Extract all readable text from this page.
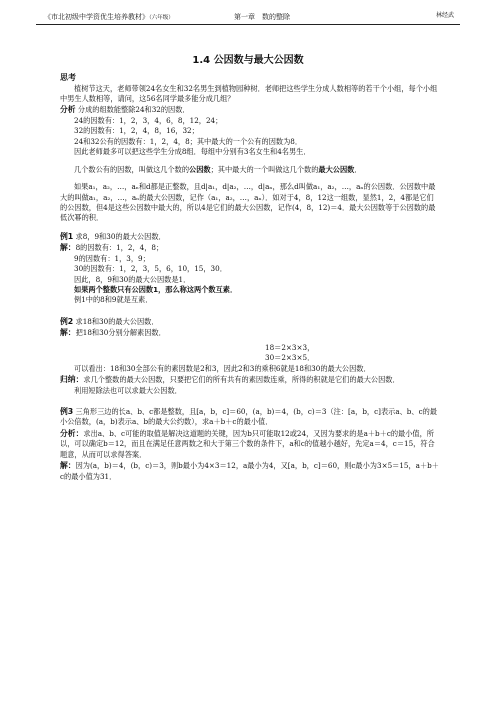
《市北初级中学资优生培养教材》（六年级）	第一章　数的整除	林经武
1.4 公因数与最大公因数
思考

植树节这天，老师带领24名女生和32名男生到植物园种树．老师把这些学生分成人数相等的若干个小组，每个小组中男生人数相等，请问，这56名同学最多能分成几组？

分析 分成的组数能整除24和32的因数．

24的因数有：1，2，3，4，6，8，12，24；

32的因数有：1，2，4，8，16，32；

24和32公有的因数有：1，2，4，8；其中最大的一个公有的因数为8．

因此老师最多可以把这些学生分成8组．每组中分别有3名女生和4名男生．

几个数公有的因数，叫做这几个数的公因数；其中最大的一个叫做这几个数的最大公因数．

如果a₁，a₂，…，aₙ和d都是正整数，且d|a₁，d|a₂，…，d|aₙ，那么d叫做a₁，a₂，…，aₙ的公因数．公因数中最大的叫做a₁，a₂，…，aₙ的最大公因数，记作（a₁，a₂，…，aₙ）．如对于4，8，12这一组数，显然1，2，4都是它们的公因数，但4是这些公因数中最大的，所以4是它们的最大公因数，记作(4，8，12)＝4．最大公因数等于公因数的最低次幂的积．

例1 求8，9和30的最大公因数．

解：8的因数有：1，2，4，8；

9的因数有：1，3，9；

30的因数有：1，2，3，5，6，10，15，30．

因此，8，9和30的最大公因数是1．

如果两个整数只有公因数1，那么称这两个数互素．

例1中的8和9就是互素．

例2 求18和30的最大公因数．

解：把18和30分别分解素因数．

18＝2×3×3，

30＝2×3×5．

可以看出：18和30全部公有的素因数是2和3，因此2和3的乘积6就是18和30的最大公因数．

归纳：求几个整数的最大公因数，只要把它们的所有共有的素因数连乘，所得的积就是它们的最大公因数．

利用短除法也可以求最大公因数．

例3 三角形三边的长a、b、c都是整数，且[a，b，c]＝60，(a，b)＝4，(b，c)＝3（注：[a，b，c]表示a、b、c的最小公倍数，(a，b)表示a、b的最大公约数），求a＋b＋c的最小值．

分析：求出a、b、c可能的取值是解决这道题的关键，因为b只可能取12或24，又因为要求的是a＋b＋c的最小值，所以，可以确定b＝12，而且在满足任意两数之和大于第三个数的条件下，a和c的值越小越好，先定a＝4，c＝15，符合题意，从而可以求得答案．

解：因为(a，b)＝4，(b，c)＝3，则b最小为4×3＝12，a最小为4，又[a，b，c]＝60，则c最小为3×5＝15，a＋b＋c的最小值为31．
